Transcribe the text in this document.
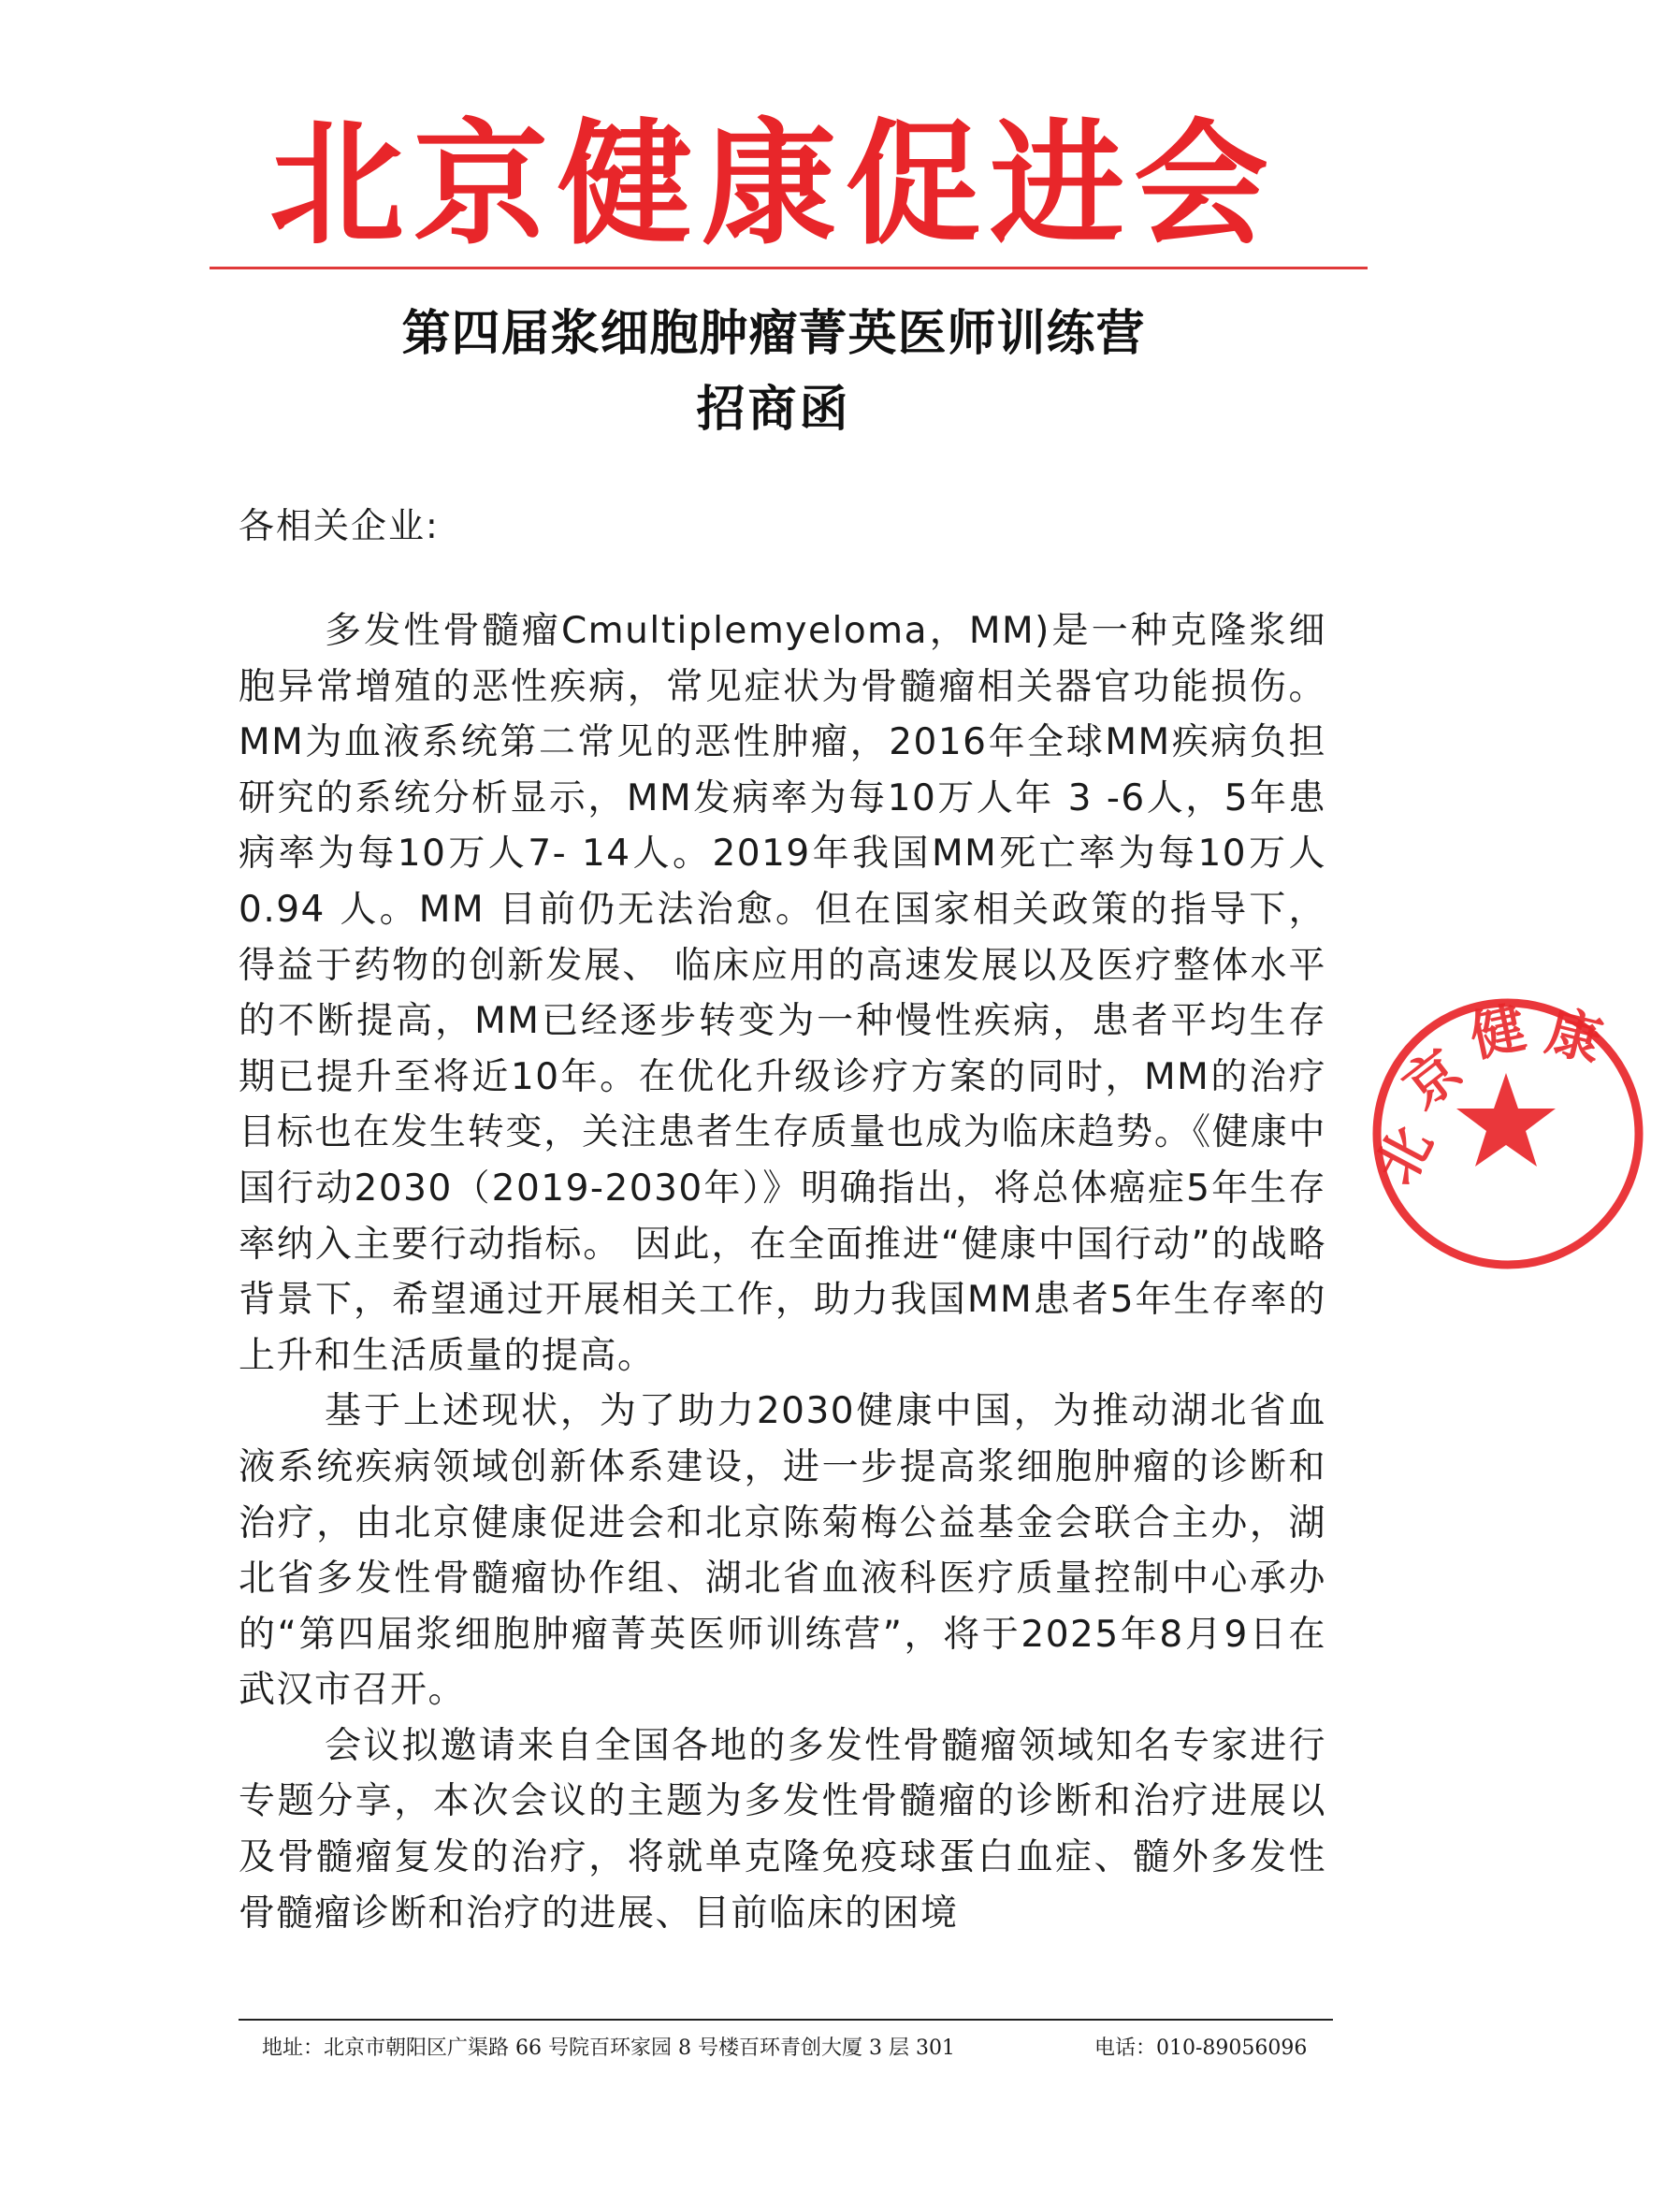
北京健康促进会
第四届浆细胞肿瘤菁英医师训练营
招商函

各相关企业:

多发性骨髓瘤Cmultiplemyeloma，MM)是一种克隆浆细胞异常增殖的恶性疾病，常见症状为骨髓瘤相关器官功能损伤。MM为血液系统第二常见的恶性肿瘤，2016年全球MM疾病负担研究的系统分析显示，MM发病率为每10万人年 3 -6人，5年患病率为每10万人7- 14人。2019年我国MM死亡率为每10万人0.94 人。MM 目前仍无法治愈。但在国家相关政策的指导下， 得益于药物的创新发展、 临床应用的高速发展以及医疗整体水平的不断提高，MM已经逐步转变为一种慢性疾病，患者平均生存期已提升至将近10年。在优化升级诊疗方案的同时，MM的治疗目标也在发生转变，关注患者生存质量也成为临床趋势。《健康中国行动2030（2019-2030年）》明确指出，将总体癌症5年生存率纳入主要行动指标。 因此，在全面推进“健康中国行动”的战略背景下，希望通过开展相关工作，助力我国MM患者5年生存率的上升和生活质量的提高。

基于上述现状，为了助力2030健康中国，为推动湖北省血液系统疾病领域创新体系建设，进一步提高浆细胞肿瘤的诊断和治疗，由北京健康促进会和北京陈菊梅公益基金会联合主办，湖北省多发性骨髓瘤协作组、湖北省血液科医疗质量控制中心承办的“第四届浆细胞肿瘤菁英医师训练营”，将于2025年8月9日在武汉市召开。

会议拟邀请来自全国各地的多发性骨髓瘤领域知名专家进行专题分享，本次会议的主题为多发性骨髓瘤的诊断和治疗进展以及骨髓瘤复发的治疗，将就单克隆免疫球蛋白血症、髓外多发性骨髓瘤诊断和治疗的进展、目前临床的困境

北
京
健 康
地址：北京市朝阳区广渠路 66 号院百环家园 8 号楼百环青创大厦 3 层 301	电话：010-89056096
